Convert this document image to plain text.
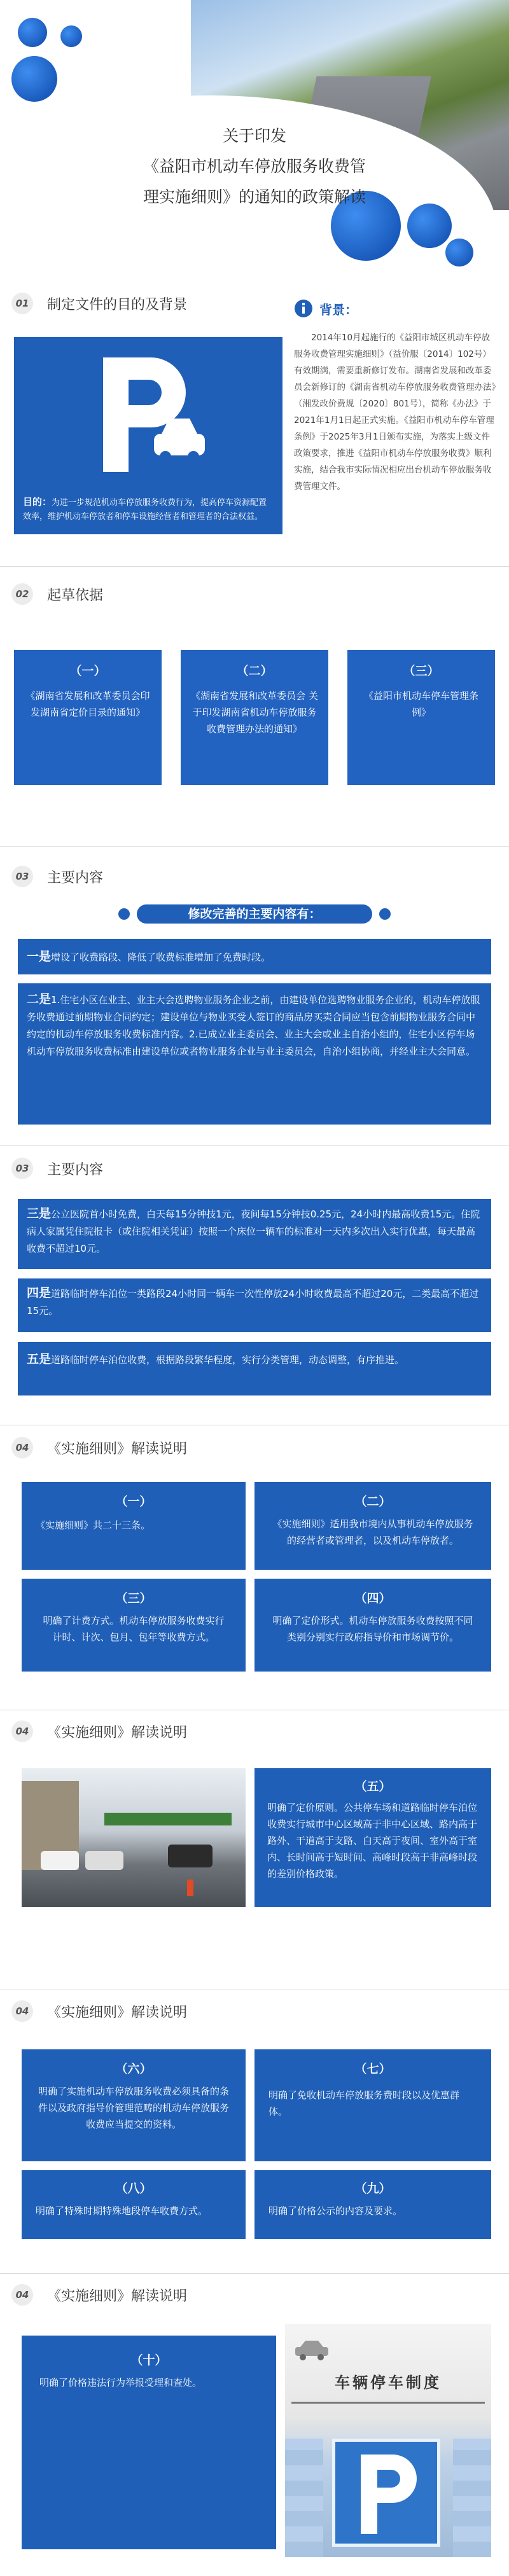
关于印发
《益阳市机动车停放服务收费管
理实施细则》的通知的政策解读
01 制定文件的目的及背景
目的：为进一步规范机动车停放服务收费行为，提高停车资源配置效率，维护机动车停放者和停车设施经营者和管理者的合法权益。
背景：
2014年10月起施行的《益阳市城区机动车停放服务收费管理实施细则》（益价服〔2014〕102号）有效期满，需要重新修订发布。湖南省发展和改革委员会新修订的《湖南省机动车停放服务收费管理办法》（湘发改价费规〔2020〕801号），简称《办法》于2021年1月1日起正式实施。《益阳市机动车停车管理条例》于2025年3月1日颁布实施，为落实上级文件政策要求，推进《益阳市机动车停放服务收费》顺利实施，结合我市实际情况相应出台机动车停放服务收费管理文件。
02 起草依据
（一）
《湖南省发展和改革委员会印发湖南省定价目录的通知》
（二）
《湖南省发展和改革委员会 关于印发湖南省机动车停放服务收费管理办法的通知》
（三）
《益阳市机动车停车管理条例》
03 主要内容
修改完善的主要内容有：
一是增设了收费路段、降低了收费标准增加了免费时段。
二是1.住宅小区在业主、业主大会选聘物业服务企业之前，由建设单位选聘物业服务企业的，机动车停放服务收费通过前期物业合同约定；建设单位与物业买受人签订的商品房买卖合同应当包含前期物业服务合同中约定的机动车停放服务收费标准内容。2.已成立业主委员会、业主大会或业主自治小组的，住宅小区停车场机动车停放服务收费标准由建设单位或者物业服务企业与业主委员会，自治小组协商，并经业主大会同意。
03 主要内容
三是公立医院首小时免费，白天每15分钟技1元，夜间每15分钟技0.25元，24小时内最高收费15元。住院病人家属凭住院报卡（或住院相关凭证）按照一个床位一辆车的标准对一天内多次出入实行优惠，每天最高收费不超过10元。
四是道路临时停车泊位一类路段24小时同一辆车一次性停放24小时收费最高不超过20元，二类最高不超过15元。
五是道路临时停车泊位收费，根据路段繁华程度，实行分类管理，动态调整，有序推进。
04 《实施细则》解读说明
（一）
《实施细则》共二十三条。
（二）
《实施细则》适用我市境内从事机动车停放服务的经营者或管理者，以及机动车停放者。
（三）
明确了计费方式。机动车停放服务收费实行计时、计次、包月、包年等收费方式。
（四）
明确了定价形式。机动车停放服务收费按照不同类别分别实行政府指导价和市场调节价。
04 《实施细则》解读说明
（五）
明确了定价原则。公共停车场和道路临时停车泊位收费实行城市中心区域高于非中心区域、路内高于路外、干道高于支路、白天高于夜间、室外高于室内、长时间高于短时间、高峰时段高于非高峰时段的差别价格政策。
04 《实施细则》解读说明
（六）
明确了实施机动车停放服务收费必须具备的条件以及政府指导价管理范畴的机动车停放服务收费应当提交的资料。
（七）
明确了免收机动车停放服务费时段以及优惠群体。
（八）
明确了特殊时期特殊地段停车收费方式。
（九）
明确了价格公示的内容及要求。
04 《实施细则》解读说明
（十）
明确了价格违法行为举报受理和查处。	车辆停车制度
